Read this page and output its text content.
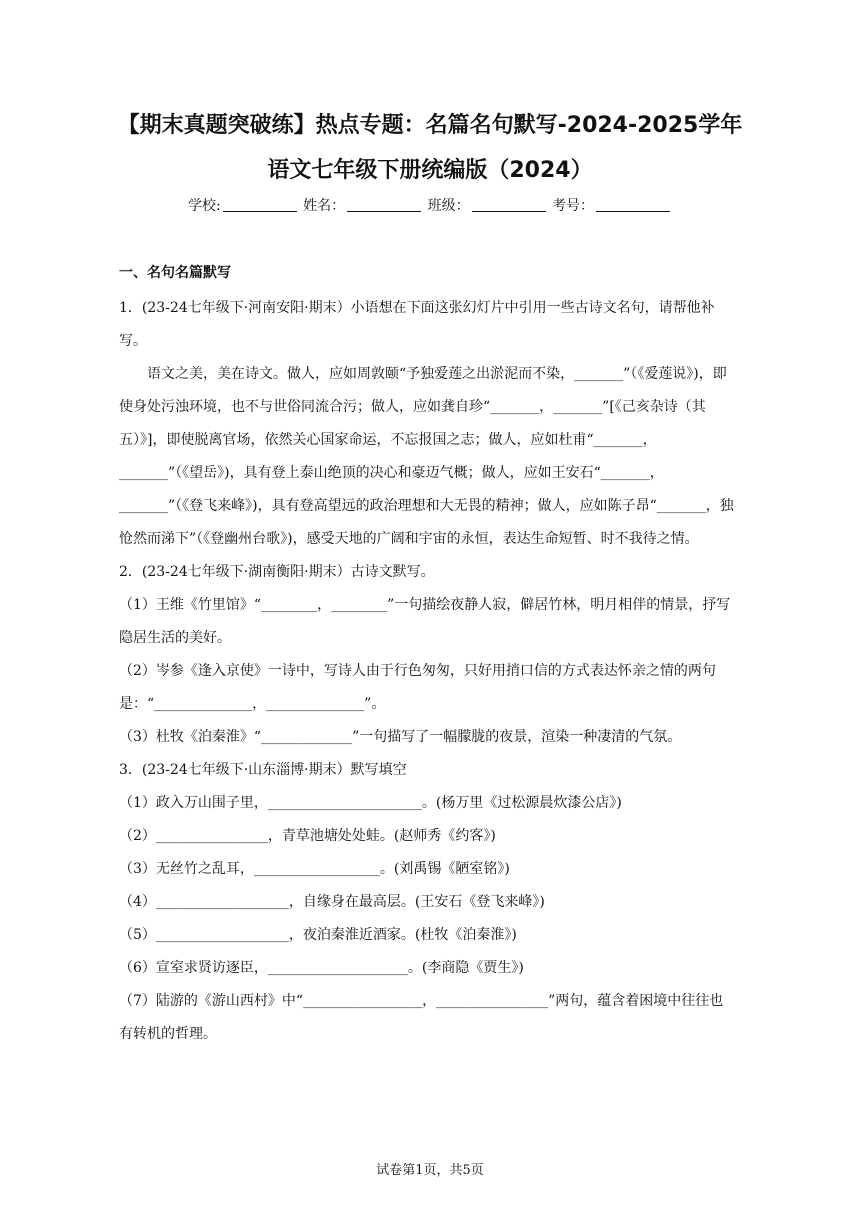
【期末真题突破练】热点专题：名篇名句默写-2024-2025学年
语文七年级下册统编版（2024）
学校:	姓名：	班级：	考号：
一、名句名篇默写

1．(23-24七年级下·河南安阳·期末）小语想在下面这张幻灯片中引用一些古诗文名句，请帮他补写。

语文之美，美在诗文。做人，应如周敦颐“予独爱莲之出淤泥而不染，_______”（《爱莲说》)，即使身处污浊环境，也不与世俗同流合污；做人，应如龚自珍“_______，_______”[《己亥杂诗（其五）》]，即使脱离官场，依然关心国家命运，不忘报国之志；做人，应如杜甫“_______，_______”（《望岳》)，具有登上泰山绝顶的决心和豪迈气概；做人，应如王安石“_______，_______”（《登飞来峰》)，具有登高望远的政治理想和大无畏的精神；做人，应如陈子昂“_______，独怆然而涕下”（《登幽州台歌》)，感受天地的广阔和宇宙的永恒，表达生命短暂、时不我待之情。

2．(23-24七年级下·湖南衡阳·期末）古诗文默写。

（1）王维《竹里馆》“________，________”一句描绘夜静人寂，僻居竹林，明月相伴的情景，抒写隐居生活的美好。

（2）岑参《逢入京使》一诗中，写诗人由于行色匆匆，只好用捎口信的方式表达怀亲之情的两句是：“______________，______________”。

（3）杜牧《泊秦淮》“_____________”一句描写了一幅朦胧的夜景，渲染一种凄清的气氛。

3．(23-24七年级下·山东淄博·期末）默写填空

（1）政入万山围子里，______________________。(杨万里《过松源晨炊漆公店》)

（2）________________，青草池塘处处蛙。(赵师秀《约客》)

（3）无丝竹之乱耳，__________________。(刘禹锡《陋室铭》)

（4）___________________，自缘身在最高层。(王安石《登飞来峰》)

（5）___________________，夜泊秦淮近酒家。(杜牧《泊秦淮》)

（6）宣室求贤访逐臣，____________________。(李商隐《贾生》)

（7）陆游的《游山西村》中“_________________，________________”两句，蕴含着困境中往往也有转机的哲理。

试卷第1页，共5页
